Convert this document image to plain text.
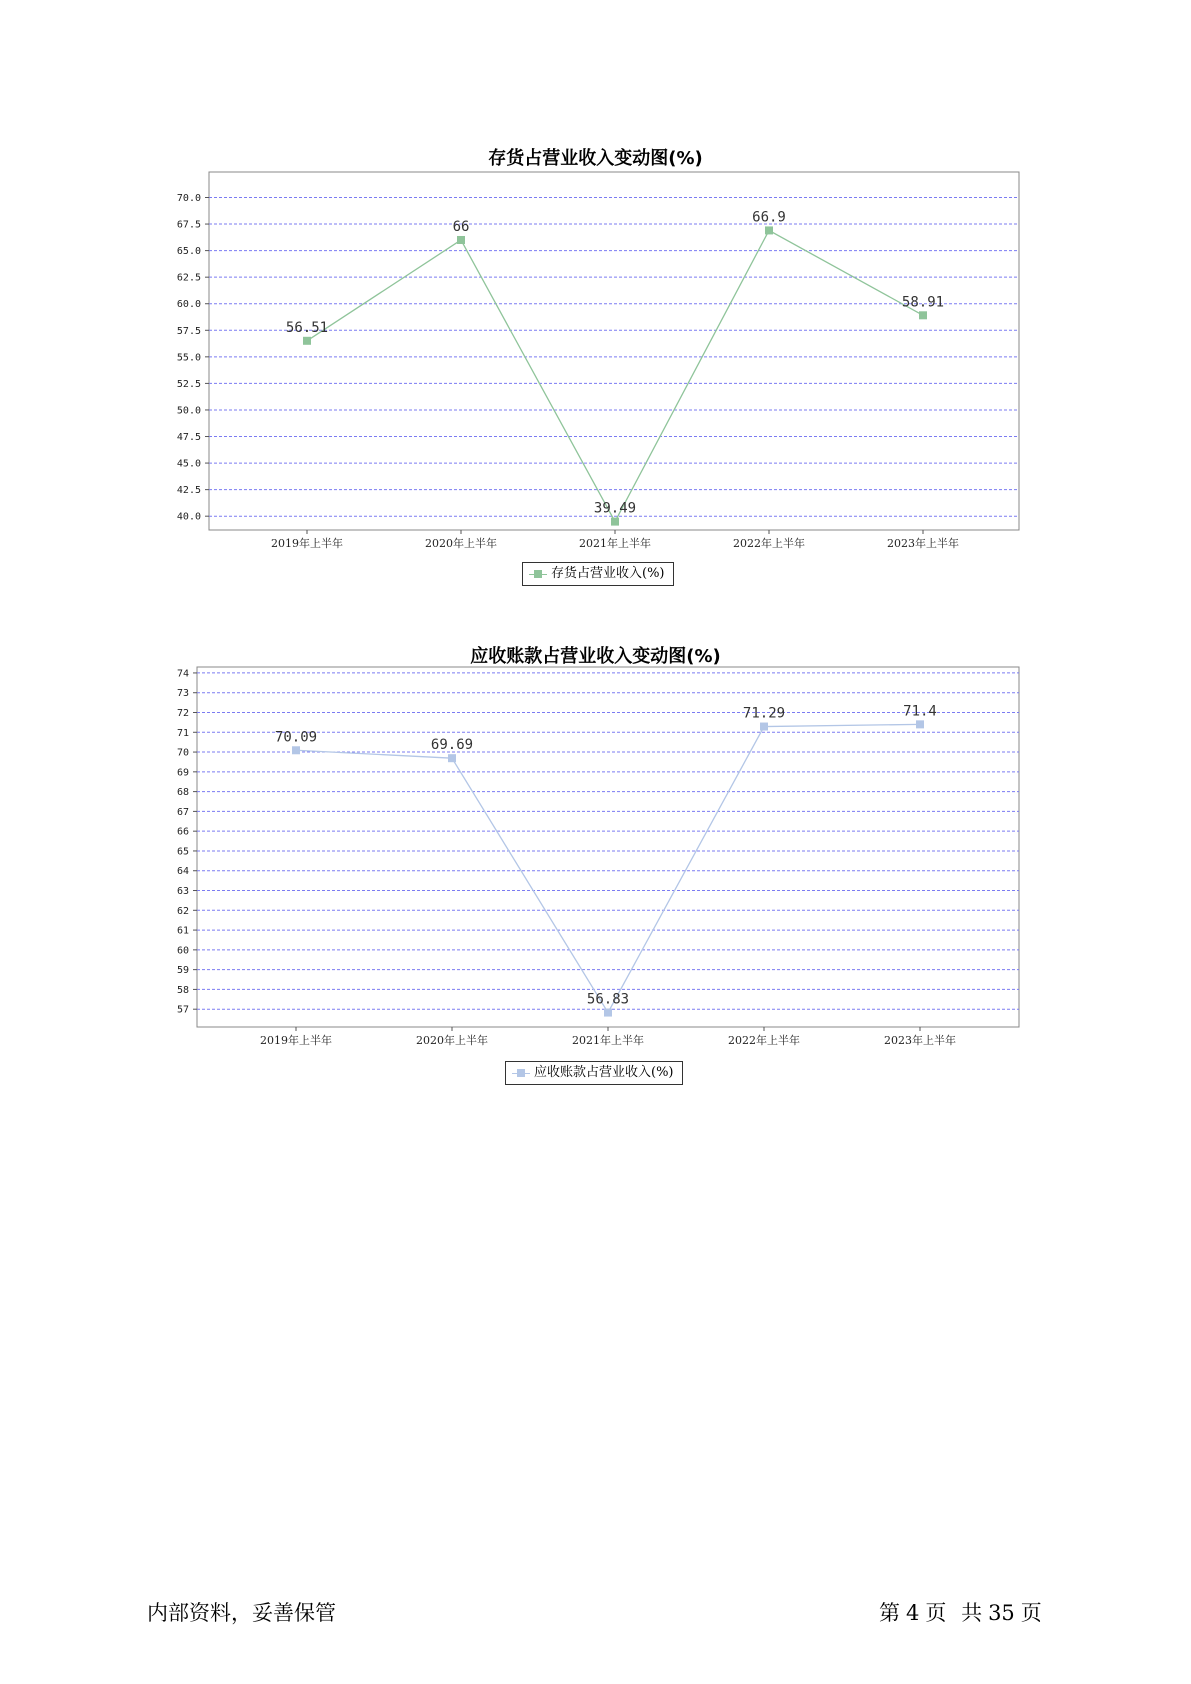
存货占营业收入变动图(%)
40.0
42.5
45.0
47.5
50.0
52.5
55.0
57.5
60.0
62.5
65.0
67.5
70.0
2019年上半年	2020年上半年	2021年上半年	2022年上半年	2023年上半年
56.51
66
39.49
66.9
58.91
存货占营业收入(%)
应收账款占营业收入变动图(%)
57
58
59
60
61
62
63
64
65
66
67
68
69
70
71
72
73
74
2019年上半年	2020年上半年	2021年上半年	2022年上半年	2023年上半年
70.09	69.69
56.83
71.29	71.4
应收账款占营业收入(%)
内部资料，妥善保管	第 4 页 共 35 页
